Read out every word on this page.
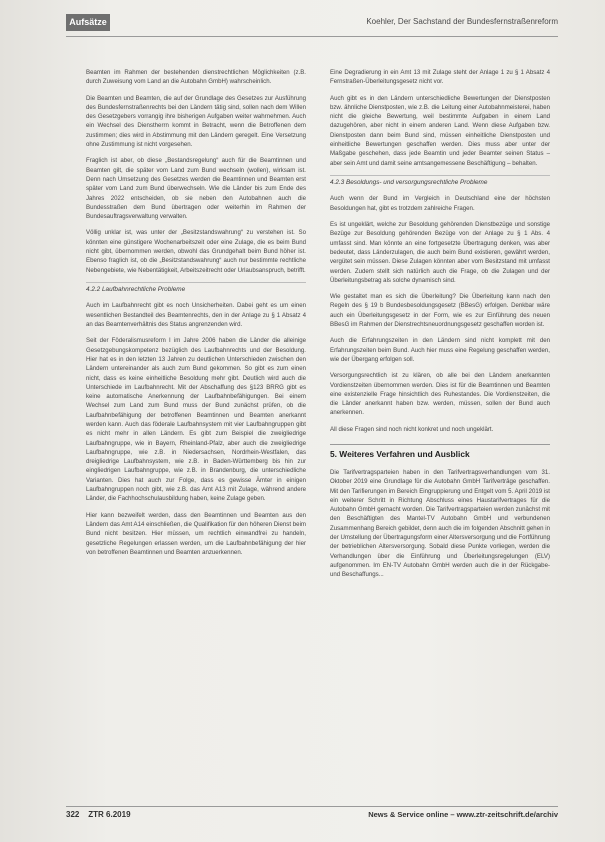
Aufsätze	Koehler, Der Sachstand der Bundesfernstraßenreform

Beamten im Rahmen der bestehenden dienstrechtlichen Möglichkeiten (z.B. durch Zuweisung vom Land an die Autobahn GmbH) wahrscheinlich.

Die Beamten und Beamten, die auf der Grundlage des Gesetzes zur Ausführung des Bundesfernstraßenrechts bei den Ländern tätig sind, sollen nach dem Willen des Gesetzgebers vorrangig ihre bisherigen Aufgaben weiter wahrnehmen. Auch ein Wechsel des Dienstherrn kommt in Betracht, wenn die Betroffenen dem zustimmen; dies wird in Abstimmung mit den Ländern geregelt. Eine Versetzung ohne Zustimmung ist nicht vorgesehen.

Fraglich ist aber, ob diese „Bestandsregelung“ auch für die Beamtinnen und Beamten gilt, die später vom Land zum Bund wechseln (wollen), wirksam ist. Denn nach Umsetzung des Gesetzes werden die Beamtinnen und Beamten erst später vom Land zum Bund überwechseln. Wie die Länder bis zum Ende des Jahres 2022 entscheiden, ob sie neben den Autobahnen auch die Bundesstraßen dem Bund übertragen oder weiterhin im Rahmen der Bundesauftragsverwaltung verwalten.

Völlig unklar ist, was unter der „Besitzstandswahrung“ zu verstehen ist. So könnten eine günstigere Wochenarbeitszeit oder eine Zulage, die es beim Bund nicht gibt, übernommen werden, obwohl das Grundgehalt beim Bund höher ist. Ebenso fraglich ist, ob die „Besitzstandswahrung“ auch nur bestimmte rechtliche Nebengebiete, wie Nebentätigkeit, Arbeitszeitrecht oder Urlaubsanspruch, betrifft.

4.2.2 Laufbahnrechtliche Probleme

Auch im Laufbahnrecht gibt es noch Unsicherheiten. Dabei geht es um einen wesentlichen Bestandteil des Beamtenrechts, den in der Anlage zu § 1 Absatz 4 an das Beamtenverhältnis des Status angrenzenden wird.

Seit der Föderalismusreform I im Jahre 2006 haben die Länder die alleinige Gesetzgebungskompetenz bezüglich des Laufbahnrechts und der Besoldung. Hier hat es in den letzten 13 Jahren zu deutlichen Unterschieden zwischen den Ländern untereinander als auch zum Bund gekommen. So gibt es zum einen nicht, dass es keine einheitliche Besoldung mehr gibt. Deutlich wird auch die Unterschiede im Laufbahnrecht. Mit der Abschaffung des §123 BRRG gibt es keine automatische Anerkennung der Laufbahnbefähigungen. Bei einem Wechsel zum Land zum Bund muss der Bund zunächst prüfen, ob die Laufbahnbefähigung der betroffenen Beamtinnen und Beamten anerkannt werden kann. Auch das föderale Laufbahnsystem mit vier Laufbahngruppen gibt es nicht mehr in allen Ländern. Es gibt zum Beispiel die zweigliedrige Laufbahngruppe, wie in Bayern, Rheinland-Pfalz, aber auch die zweigliedrige Laufbahngruppe, wie z.B. in Niedersachsen, Nordrhein-Westfalen, das dreigliedrige Laufbahnsystem, wie z.B. in Baden-Württemberg bis hin zur eingliedrigen Laufbahngruppe, wie z.B. in Brandenburg, die unterschiedliche Varianten. Dies hat auch zur Folge, dass es gewisse Ämter in einigen Laufbahngruppen noch gibt, wie z.B. das Amt A13 mit Zulage, während andere Länder, die Fachhochschulausbildung haben, keine Zulage geben.

Hier kann bezweifelt werden, dass den Beamtinnen und Beamten aus den Ländern das Amt A14 einschließen, die Qualifikation für den höheren Dienst beim Bund nicht besitzen. Hier müssen, um rechtlich einwandfrei zu handeln, gesetzliche Regelungen erlassen werden, um die Laufbahnbefähigung der hier von betroffenen Beamtinnen und Beamten anzuerkennen.

Eine Degradierung in ein Amt 13 mit Zulage steht der Anlage 1 zu § 1 Absatz 4 Fernstraßen-Überleitungsgesetz nicht vor.

Auch gibt es in den Ländern unterschiedliche Bewertungen der Dienstposten bzw. ähnliche Dienstposten, wie z.B. die Leitung einer Autobahnmeisterei, haben nicht die gleiche Bewertung, weil bestimmte Aufgaben in einem Land dazugehören, aber nicht in einem anderen Land. Wenn diese Aufgaben bzw. Dienstposten dann beim Bund sind, müssen einheitliche Dienstposten und einheitliche Bewertungen geschaffen werden. Dies muss aber unter der Maßgabe geschehen, dass jede Beamtin und jeder Beamter seinen Status – aber sein Amt und damit seine amtsangemessene Beschäftigung – behalten.

4.2.3 Besoldungs- und versorgungsrechtliche Probleme

Auch wenn der Bund im Vergleich in Deutschland eine der höchsten Besoldungen hat, gibt es trotzdem zahlreiche Fragen.

Es ist ungeklärt, welche zur Besoldung gehörenden Dienstbezüge und sonstige Bezüge zur Besoldung gehörenden Bezüge von der Anlage zu § 1 Abs. 4 umfasst sind. Man könnte an eine fortgesetzte Übertragung denken, was aber bedeutet, dass Länderzulagen, die auch beim Bund existieren, gewährt werden, vergütet sein müssen. Diese Zulagen könnten aber vom Besitzstand mit umfasst werden. Zudem stellt sich natürlich auch die Frage, ob die Zulagen und der Überleitungsbetrag als solche dynamisch sind.

Wie gestaltet man es sich die Überleitung? Die Überleitung kann nach den Regeln des § 19 b Bundesbesoldungsgesetz (BBesG) erfolgen. Denkbar wäre auch ein Überleitungsgesetz in der Form, wie es zur Einführung des neuen BBesG im Rahmen der Dienstrechtsneuordnungsgesetz geschaffen worden ist.

Auch die Erfahrungszeiten in den Ländern sind nicht komplett mit den Erfahrungszeiten beim Bund. Auch hier muss eine Regelung geschaffen werden, wie der Übergang erfolgen soll.

Versorgungsrechtlich ist zu klären, ob alle bei den Ländern anerkannten Vordienstzeiten übernommen werden. Dies ist für die Beamtinnen und Beamten eine existenzielle Frage hinsichtlich des Ruhestandes. Die Vordienstzeiten, die die Länder anerkannt haben bzw. werden, müssen, sollen der Bund auch anerkennen.

All diese Fragen sind noch nicht konkret und noch ungeklärt.

5. Weiteres Verfahren und Ausblick

Die Tarifvertragsparteien haben in den Tarifvertragsverhandlungen vom 31. Oktober 2019 eine Grundlage für die Autobahn GmbH Tarifverträge geschaffen. Mit den Tarifierungen im Bereich Eingruppierung und Entgelt vom 5. April 2019 ist ein weiterer Schritt in Richtung Abschluss eines Haustarifvertrages für die Autobahn GmbH gemacht worden. Die Tarifvertragsparteien werden zunächst mit den Beschäftigten des Mantel-TV Autobahn GmbH und verbundenen Zusammenhang Bereich gebildet, denn auch die im folgenden Abschnitt gehen in der Umstellung der Übertragungsform einer Altersversorgung und die Fortführung der betrieblichen Altersversorgung. Sobald diese Punkte vorliegen, werden die Verhandlungen über die Einführung und Überleitungsregelungen (ELV) aufgenommen. Im EN-TV Autobahn GmbH werden auch die in der Rückgabe- und Beschaffungs...

322 ZTR 6.2019	News & Service online – www.ztr-zeitschrift.de/archiv
